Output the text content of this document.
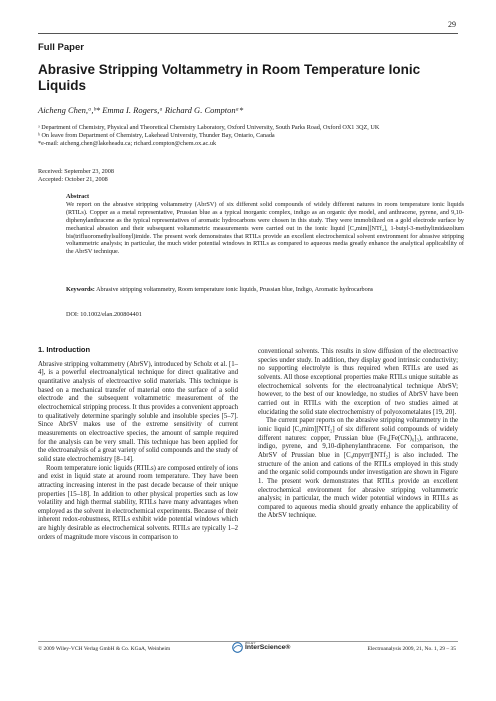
29
Full Paper
Abrasive Stripping Voltammetry in Room Temperature Ionic Liquids
Aicheng Chen,ᵃ,ᵇ* Emma I. Rogers,ᵃ Richard G. Comptonᵃ*

ᵃ Department of Chemistry, Physical and Theoretical Chemistry Laboratory, Oxford University, South Parks Road, Oxford OX1 3QZ, UK

ᵇ On leave from Department of Chemistry, Lakehead University, Thunder Bay, Ontario, Canada

*e-mail: aicheng.chen@lakeheadu.ca; richard.compton@chem.ox.ac.uk

Received: September 23, 2008

Accepted: October 21, 2008

Abstract
We report on the abrasive stripping voltammetry (AbrSV) of six different solid compounds of widely different natures in room temperature ionic liquids (RTILs). Copper as a metal representative, Prussian blue as a typical inorganic complex, indigo as an organic dye model, and anthracene, pyrene, and 9,10-diphenylanthracene as the typical representatives of aromatic hydrocarbons were chosen in this study. They were immobilized on a gold electrode surface by mechanical abrasion and their subsequent voltammetric measurements were carried out in the ionic liquid [C₄mim][NTf₂], 1-butyl-3-methylimidazolium bis(trifluoromethylsulfonyl)imide. The present work demonstrates that RTILs provide an excellent electrochemical solvent environment for abrasive stripping voltammetric analysis; in particular, the much wider potential windows in RTILs as compared to aqueous media greatly enhance the analytical applicability of the AbrSV technique.
Keywords: Abrasive stripping voltammetry, Room temperature ionic liquids, Prussian blue, Indigo, Aromatic hydrocarbons
DOI: 10.1002/elan.200804401
1. Introduction

Abrasive stripping voltammetry (AbrSV), introduced by Scholz et al. [1–4], is a powerful electroanalytical technique for direct qualitative and quantitative analysis of electroactive solid materials. This technique is based on a mechanical transfer of material onto the surface of a solid electrode and the subsequent voltammetric measurement of the electrochemical stripping process. It thus provides a convenient approach to qualitatively determine sparingly soluble and insoluble species [5–7]. Since AbrSV makes use of the extreme sensitivity of current measurements on electroactive species, the amount of sample required for the analysis can be very small. This technique has been applied for the electroanalysis of a great variety of solid compounds and the study of solid state electrochemistry [8–14].

Room temperature ionic liquids (RTILs) are composed entirely of ions and exist in liquid state at around room temperature. They have been attracting increasing interest in the past decade because of their unique properties [15–18]. In addition to other physical properties such as low volatility and high thermal stability, RTILs have many advantages when employed as the solvent in electrochemical experiments. Because of their inherent redox-robustness, RTILs exhibit wide potential windows which are highly desirable as electrochemical solvents. RTILs are typically 1–2 orders of magnitude more viscous in comparison to

conventional solvents. This results in slow diffusion of the electroactive species under study. In addition, they display good intrinsic conductivity; no supporting electrolyte is thus required when RTILs are used as solvents. All those exceptional properties make RTILs unique suitable as electrochemical solvents for the electroanalytical technique AbrSV; however, to the best of our knowledge, no studies of AbrSV have been carried out in RTILs with the exception of two studies aimed at elucidating the solid state electrochemistry of polyoxometalates [19, 20].

The current paper reports on the abrasive stripping voltammetry in the ionic liquid [C₄mim][NTf₂] of six different solid compounds of widely different natures: copper, Prussian blue (Fe₄[Fe(CN)₆]₃), anthracene, indigo, pyrene, and 9,10-diphenylanthracene. For comparison, the AbrSV of Prussian blue in [C₄mpyrr][NTf₂] is also included. The structure of the anion and cations of the RTILs employed in this study and the organic solid compounds under investigation are shown in Figure 1. The present work demonstrates that RTILs provide an excellent electrochemical environment for abrasive stripping voltammetric analysis; in particular, the much wider potential windows in RTILs as compared to aqueous media should greatly enhance the applicability of the AbrSV technique.

© 2009 Wiley-VCH Verlag GmbH & Co. KGaA, Weinheim
WILEY
InterScience®	Electroanalysis 2009, 21, No. 1, 29 – 35
